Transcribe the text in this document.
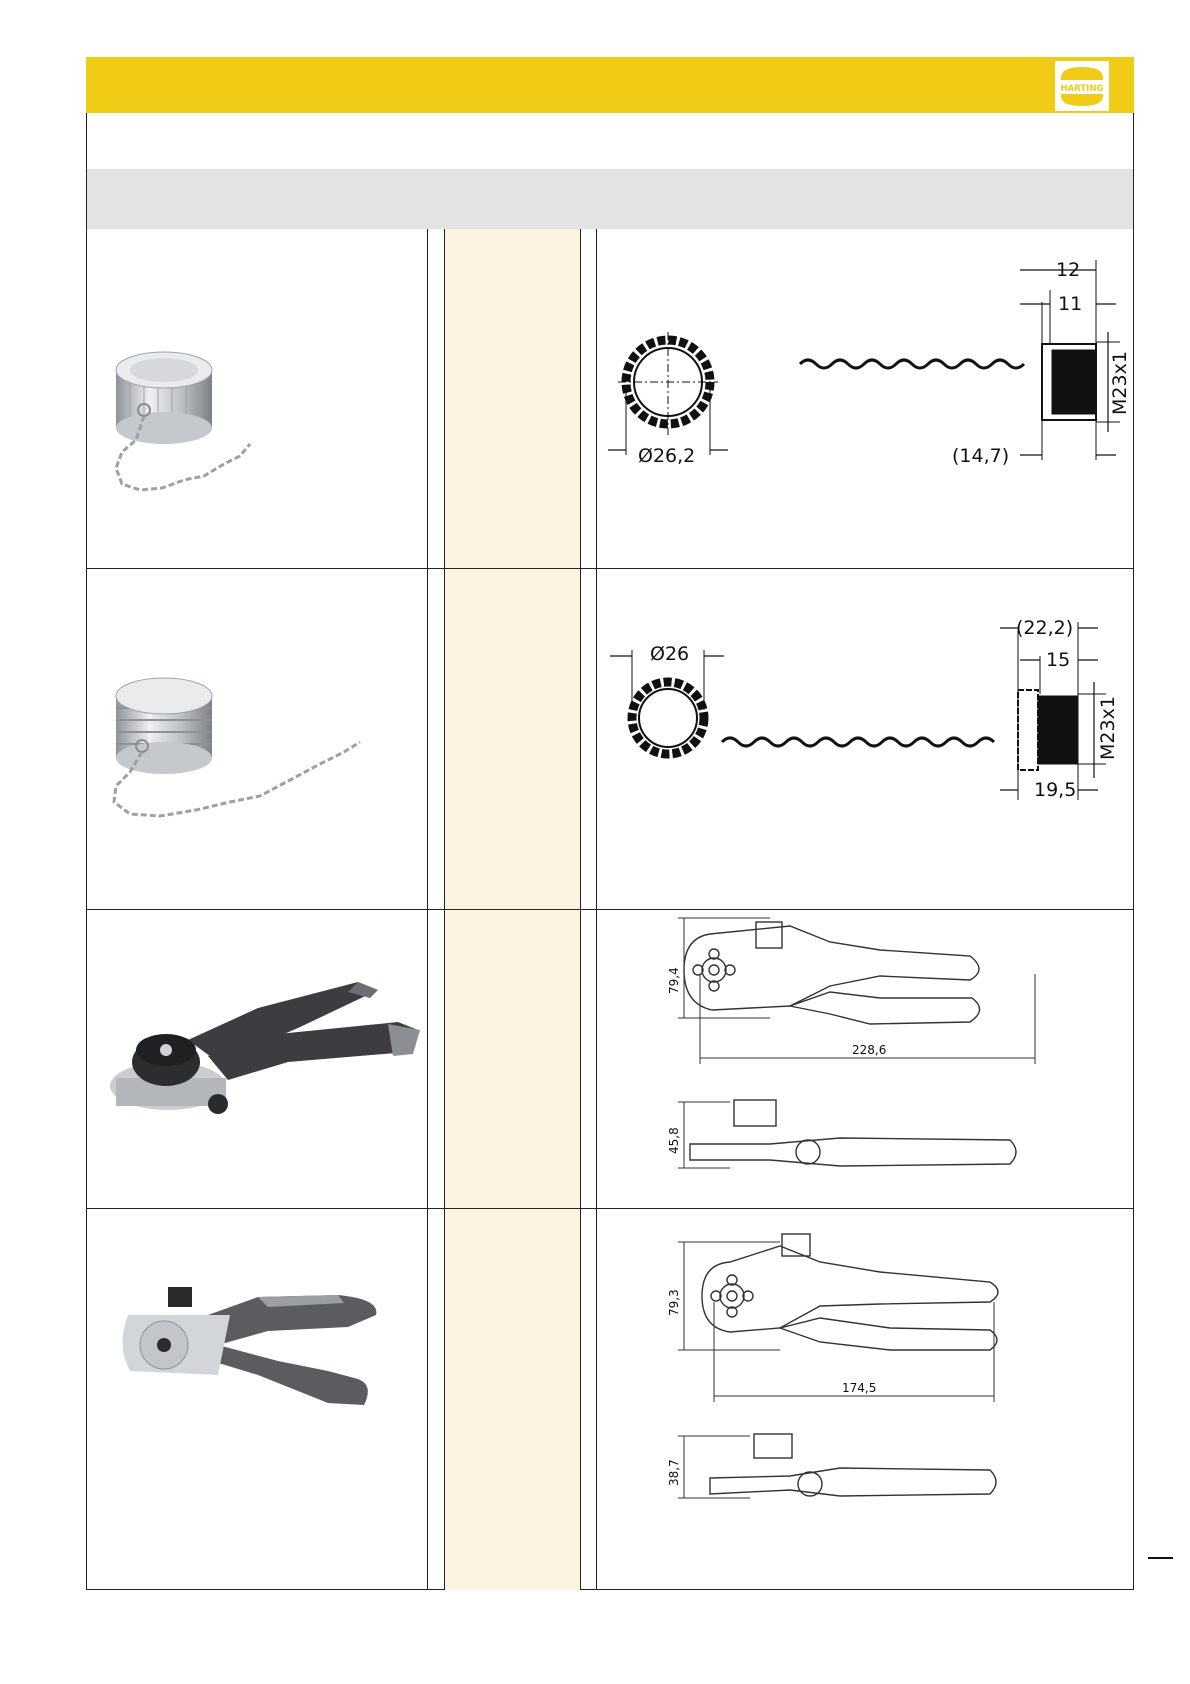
HARTING
Ø26,2
12
11
(14,7)
M23x1
Ø26
(22,2)
15
19,5
M23x1
79,4
228,6
45,8
79,3
174,5
38,7
